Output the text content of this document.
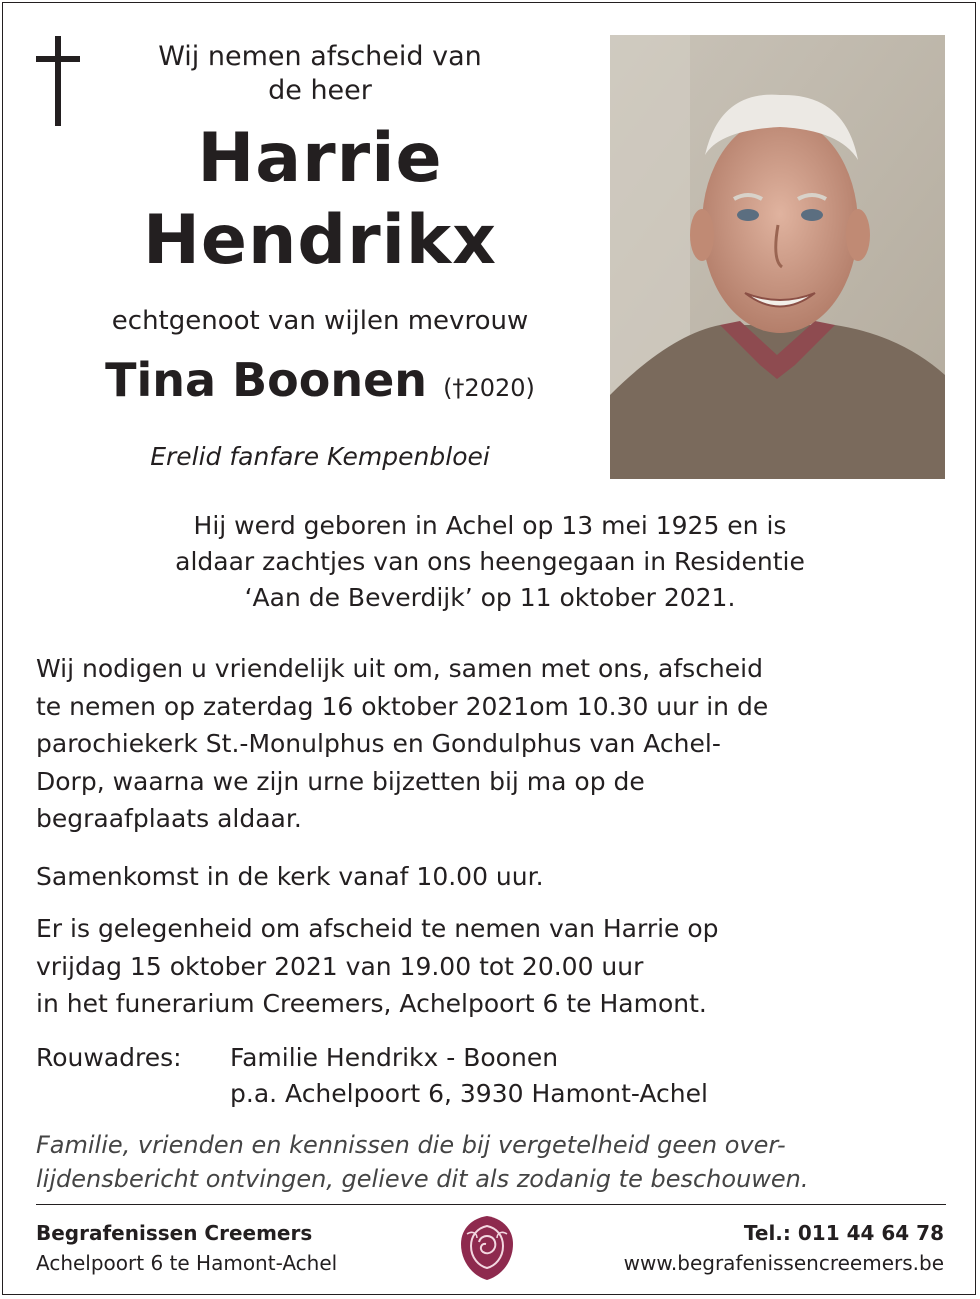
Wij nemen afscheid van
de heer
Harrie
Hendrikx
echtgenoot van wijlen mevrouw
Tina Boonen (†2020)
Erelid fanfare Kempenbloei
Hij werd geboren in Achel op 13 mei 1925 en is
aldaar zachtjes van ons heengegaan in Residentie
‘Aan de Beverdijk’ op 11 oktober 2021.
Wij nodigen u vriendelijk uit om, samen met ons, afscheid
te nemen op zaterdag 16 oktober 2021om 10.30 uur in de
parochiekerk St.-Monulphus en Gondulphus van Achel-
Dorp, waarna we zijn urne bijzetten bij ma op de
begraafplaats aldaar.
Samenkomst in de kerk vanaf 10.00 uur.
Er is gelegenheid om afscheid te nemen van Harrie op
vrijdag 15 oktober 2021 van 19.00 tot 20.00 uur
in het funerarium Creemers, Achelpoort 6 te Hamont.
Rouwadres:	Familie Hendrikx - Boonen
p.a. Achelpoort 6, 3930 Hamont-Achel
Familie, vrienden en kennissen die bij vergetelheid geen over-
lijdensbericht ontvingen, gelieve dit als zodanig te beschouwen.
Begrafenissen Creemers
Achelpoort 6 te Hamont-Achel
Tel.: 011 44 64 78
www.begrafenissencreemers.be
